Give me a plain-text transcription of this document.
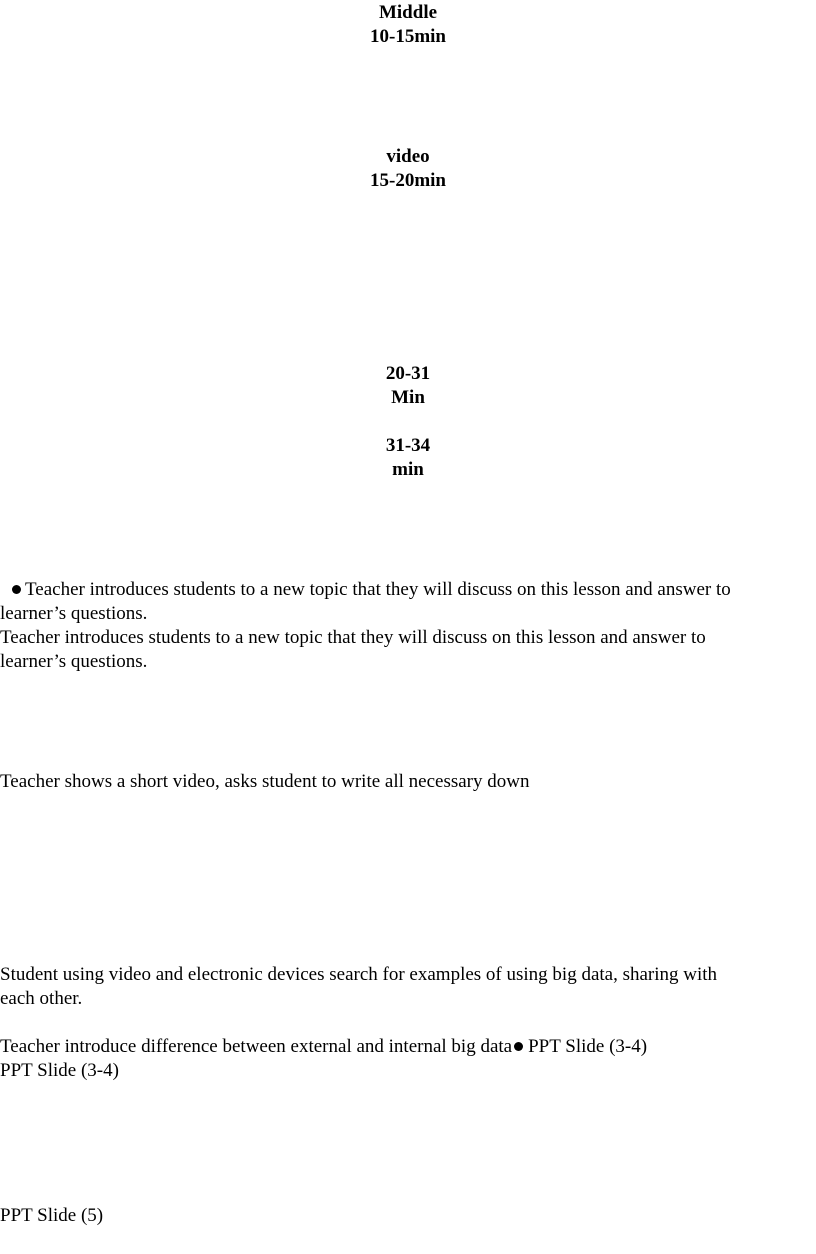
Middle
10-15min
video
15-20min
20-31
Min
31-34
min
Teacher introduces students to a new topic that they will discuss on this lesson and answer to
learner’s questions.
Teacher introduces students to a new topic that they will discuss on this lesson and answer to
learner’s questions.
Teacher shows a short video, asks student to write all necessary down
Student using video and electronic devices search for examples of using big data, sharing with
each other.
Teacher introduce difference between external and internal big data PPT Slide (3-4)
PPT Slide (3-4)
PPT Slide (5)
